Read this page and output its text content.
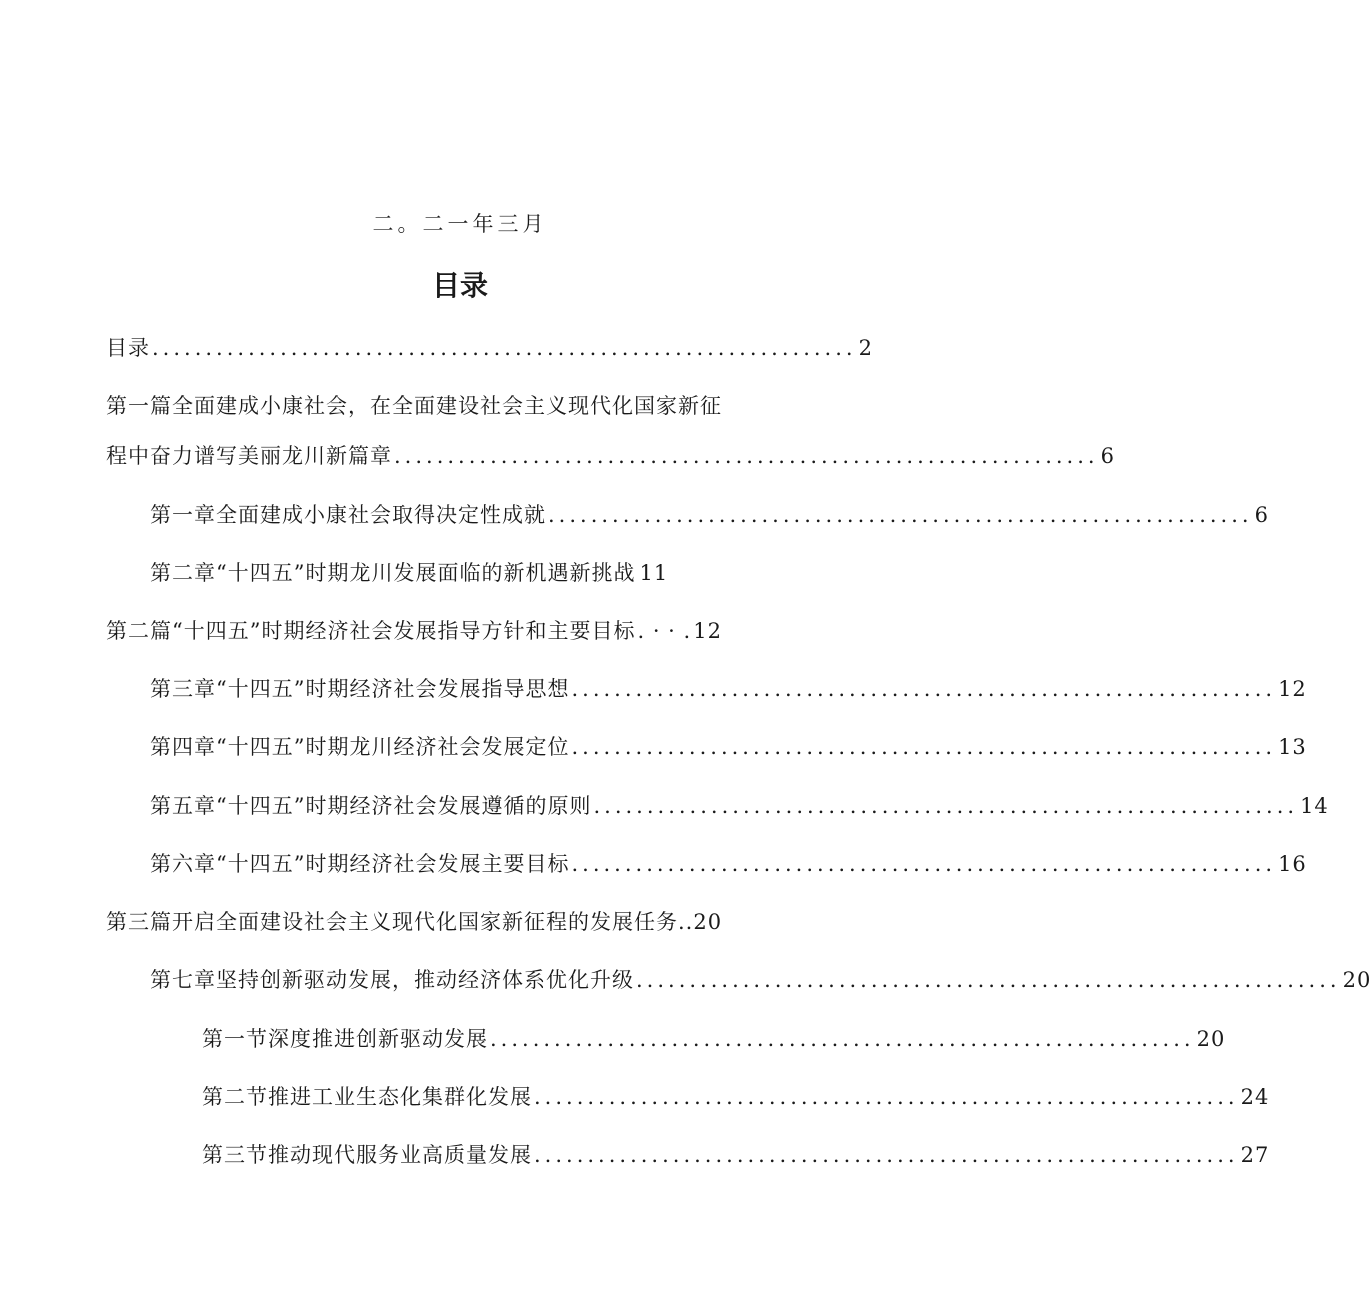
二。二一年三月
目录
目录 .................................................................. 2
第一篇全面建成小康社会，在全面建设社会主义现代化国家新征
程中奋力谱写美丽龙川新篇章 .................................................................. 6
第一章全面建成小康社会取得决定性成就 .................................................................. 6
第二章“十四五”时期龙川发展面临的新机遇新挑战 11
第二篇“十四五”时期经济社会发展指导方针和主要目标 . · · . 12
第三章“十四五”时期经济社会发展指导思想 .................................................................. 12
第四章“十四五”时期龙川经济社会发展定位 .................................................................. 13
第五章“十四五”时期经济社会发展遵循的原则 .................................................................. 14
第六章“十四五”时期经济社会发展主要目标 .................................................................. 16
第三篇开启全面建设社会主义现代化国家新征程的发展任务 .. 20
第七章坚持创新驱动发展，推动经济体系优化升级 .................................................................. 20
第一节深度推进创新驱动发展 .................................................................. 20
第二节推进工业生态化集群化发展 .................................................................. 24
第三节推动现代服务业高质量发展 .................................................................. 27
